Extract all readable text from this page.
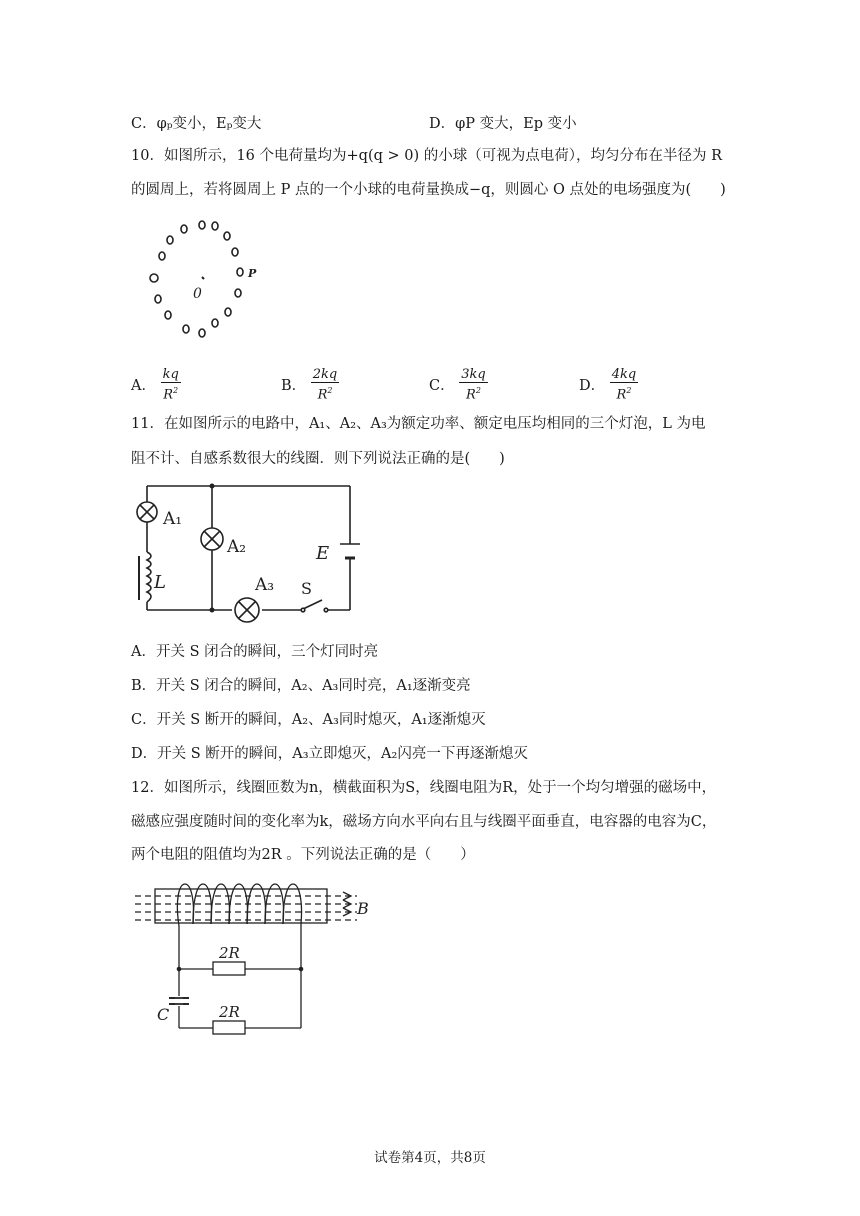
C．φₚ变小，Eₚ变大	D．φP 变大，Ep 变小
10．如图所示，16 个电荷量均为+q(q > 0) 的小球（可视为点电荷），均匀分布在半径为 R
的圆周上，若将圆周上 P 点的一个小球的电荷量换成−q，则圆心 O 点处的电场强度为(　　)
0
P
A． $\frac{kq}{R^2}$	B． $\frac{2kq}{R^2}$	C． $\frac{3kq}{R^2}$	D． $\frac{4kq}{R^2}$
11．在如图所示的电路中，A₁、A₂、A₃为额定功率、额定电压均相同的三个灯泡，L 为电
阻不计、自感系数很大的线圈．则下列说法正确的是(　　)
A₁
A₂
A₃
L
E
S
A．开关 S 闭合的瞬间，三个灯同时亮
B．开关 S 闭合的瞬间，A₂、A₃同时亮，A₁逐渐变亮
C．开关 S 断开的瞬间，A₂、A₃同时熄灭，A₁逐渐熄灭
D．开关 S 断开的瞬间，A₃立即熄灭，A₂闪亮一下再逐渐熄灭
12．如图所示，线圈匝数为n，横截面积为S，线圈电阻为R，处于一个均匀增强的磁场中，
磁感应强度随时间的变化率为k，磁场方向水平向右且与线圈平面垂直，电容器的电容为C，
两个电阻的阻值均为2R 。下列说法正确的是（　　）
B
2R
2R
C
试卷第4页，共8页
